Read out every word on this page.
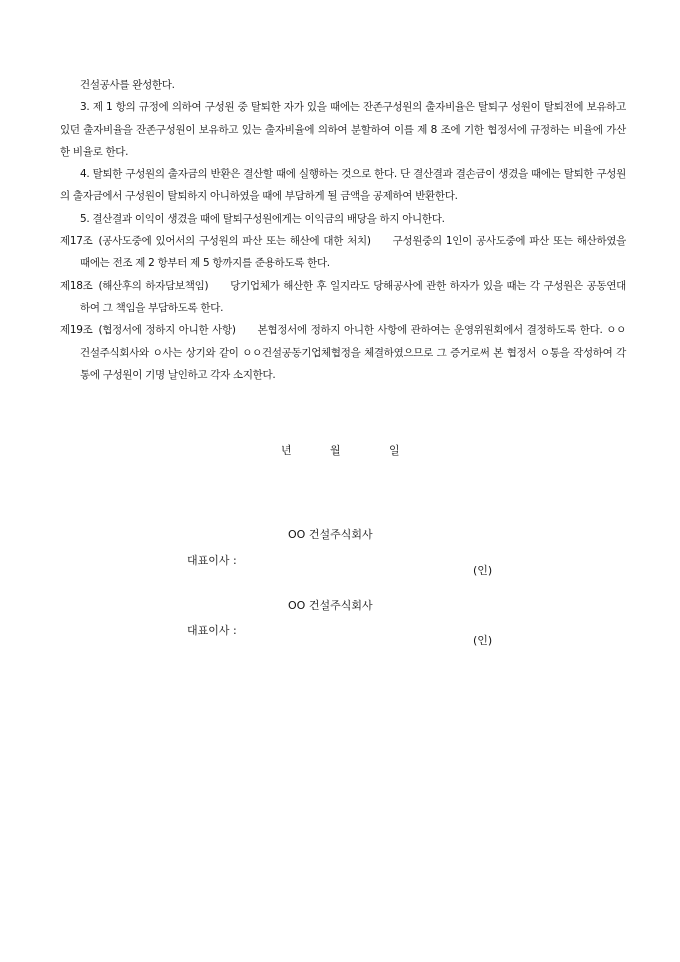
건설공사를 완성한다.

3. 제 1 항의 규정에 의하여 구성원 중 탈퇴한 자가 있을 때에는 잔존구성원의 출자비율은 탈퇴구 성원이 탈퇴전에 보유하고 있던 출자비율을 잔존구성원이 보유하고 있는 출자비율에 의하여 분할하여 이를 제 8 조에 기한 협정서에 규정하는 비율에 가산한 비율로 한다.

4. 탈퇴한 구성원의 출자금의 반환은 결산할 때에 실행하는 것으로 한다. 단 결산결과 결손금이 생겼을 때에는 탈퇴한 구성원의 출자금에서 구성원이 탈퇴하지 아니하였을 때에 부담하게 될 금액을 공제하여 반환한다.

5. 결산결과 이익이 생겼을 때에 탈퇴구성원에게는 이익금의 배당을 하지 아니한다.

제17조 (공사도중에 있어서의 구성원의 파산 또는 해산에 대한 처치) 구성원중의 1인이 공사도중에 파산 또는 해산하였을 때에는 전조 제 2 항부터 제 5 항까지를 준용하도록 한다.

제18조 (해산후의 하자담보책임) 당기업체가 해산한 후 일지라도 당해공사에 관한 하자가 있을 때는 각 구성원은 공동연대하여 그 책임을 부담하도록 한다.

제19조 (협정서에 정하지 아니한 사항) 본협정서에 정하지 아니한 사항에 관하여는 운영위원회에서 결정하도록 한다. ㅇㅇ건설주식회사와 ㅇ사는 상기와 같이 ㅇㅇ건설공동기업체협정을 체결하였으므로 그 증거로써 본 협정서 ㅇ통을 작성하여 각통에 구성원이 기명 날인하고 각자 소지한다.

년	월	일
OO 건설주식회사
대표이사 :
(인)
OO 건설주식회사
대표이사 :
(인)
